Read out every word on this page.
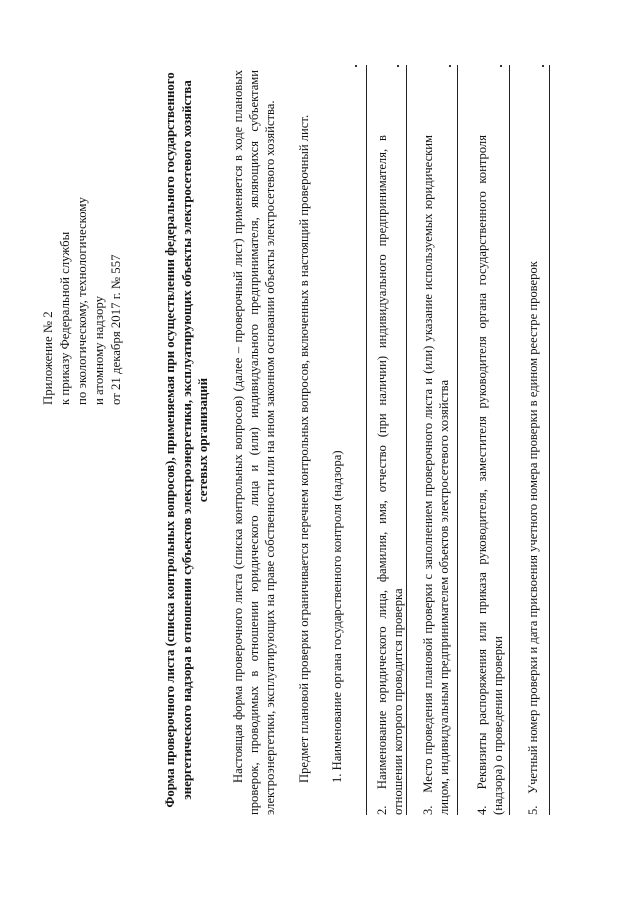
Приложение № 2 к приказу Федеральной службы по экологическому, технологическому и атомному надзору от 21 декабря 2017 г. № 557	Форма проверочного листа (списка контрольных вопросов), применяемая при осуществлении федерального государственного энергетического надзора в отношении субъектов электроэнергетики, эксплуатирующих объекты электросетевого хозяйства сетевых организаций Настоящая форма проверочного листа (списка контрольных вопросов) (далее – проверочный лист) применяется в ходе плановых проверок, проводимых в отношении юридического лица и (или) индивидуального предпринимателя, являющихся субъектами электроэнергетики, эксплуатирующих на праве собственности или на ином законном основании объекты электросетевого хозяйства. Предмет плановой проверки ограничивается перечнем контрольных вопросов, включенных в настоящий проверочный лист. 1. Наименование органа государственного контроля (надзора)
2. Наименование юридического лица, фамилия, имя, отчество (при наличии) индивидуального предпринимателя, в отношении которого проводится проверка 3. Место проведения плановой проверки с заполнением проверочного листа и (или) указание используемых юридическим лицом, индивидуальным предпринимателем объектов электросетевого хозяйства 4. Реквизиты распоряжения или приказа руководителя, заместителя руководителя органа государственного контроля (надзора) о проведении проверки 5. Учетный номер проверки и дата присвоения учетного номера проверки в едином реестре проверок
